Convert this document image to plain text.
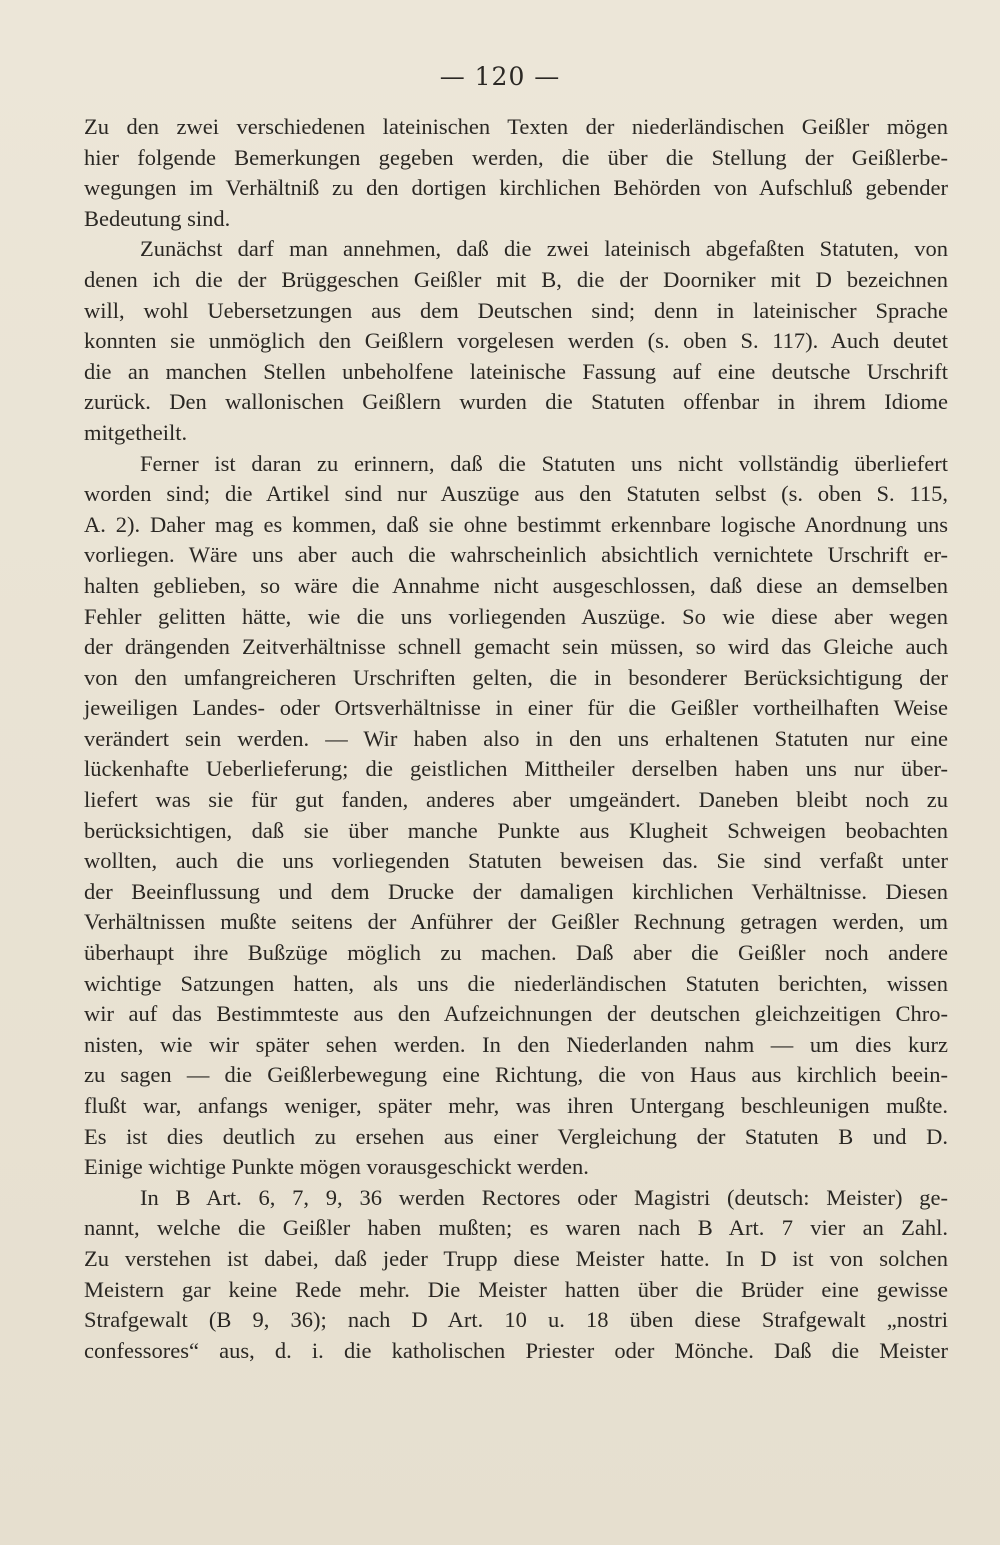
— 120 —
Zu den zwei verschiedenen lateinischen Texten der niederländischen Geißler mögen
hier folgende Bemerkungen gegeben werden, die über die Stellung der Geißlerbe-
wegungen im Verhältniß zu den dortigen kirchlichen Behörden von Aufschluß gebender
Bedeutung sind.
Zunächst darf man annehmen, daß die zwei lateinisch abgefaßten Statuten, von
denen ich die der Brüggeschen Geißler mit B, die der Doorniker mit D bezeichnen
will, wohl Uebersetzungen aus dem Deutschen sind; denn in lateinischer Sprache
konnten sie unmöglich den Geißlern vorgelesen werden (s. oben S. 117). Auch deutet
die an manchen Stellen unbeholfene lateinische Fassung auf eine deutsche Urschrift
zurück. Den wallonischen Geißlern wurden die Statuten offenbar in ihrem Idiome
mitgetheilt.
Ferner ist daran zu erinnern, daß die Statuten uns nicht vollständig überliefert
worden sind; die Artikel sind nur Auszüge aus den Statuten selbst (s. oben S. 115,
A. 2). Daher mag es kommen, daß sie ohne bestimmt erkennbare logische Anordnung uns
vorliegen. Wäre uns aber auch die wahrscheinlich absichtlich vernichtete Urschrift er-
halten geblieben, so wäre die Annahme nicht ausgeschlossen, daß diese an demselben
Fehler gelitten hätte, wie die uns vorliegenden Auszüge. So wie diese aber wegen
der drängenden Zeitverhältnisse schnell gemacht sein müssen, so wird das Gleiche auch
von den umfangreicheren Urschriften gelten, die in besonderer Berücksichtigung der
jeweiligen Landes- oder Ortsverhältnisse in einer für die Geißler vortheilhaften Weise
verändert sein werden. — Wir haben also in den uns erhaltenen Statuten nur eine
lückenhafte Ueberlieferung; die geistlichen Mittheiler derselben haben uns nur über-
liefert was sie für gut fanden, anderes aber umgeändert. Daneben bleibt noch zu
berücksichtigen, daß sie über manche Punkte aus Klugheit Schweigen beobachten
wollten, auch die uns vorliegenden Statuten beweisen das. Sie sind verfaßt unter
der Beeinflussung und dem Drucke der damaligen kirchlichen Verhältnisse. Diesen
Verhältnissen mußte seitens der Anführer der Geißler Rechnung getragen werden, um
überhaupt ihre Bußzüge möglich zu machen. Daß aber die Geißler noch andere
wichtige Satzungen hatten, als uns die niederländischen Statuten berichten, wissen
wir auf das Bestimmteste aus den Aufzeichnungen der deutschen gleichzeitigen Chro-
nisten, wie wir später sehen werden. In den Niederlanden nahm — um dies kurz
zu sagen — die Geißlerbewegung eine Richtung, die von Haus aus kirchlich beein-
flußt war, anfangs weniger, später mehr, was ihren Untergang beschleunigen mußte.
Es ist dies deutlich zu ersehen aus einer Vergleichung der Statuten B und D.
Einige wichtige Punkte mögen vorausgeschickt werden.
In B Art. 6, 7, 9, 36 werden Rectores oder Magistri (deutsch: Meister) ge-
nannt, welche die Geißler haben mußten; es waren nach B Art. 7 vier an Zahl.
Zu verstehen ist dabei, daß jeder Trupp diese Meister hatte. In D ist von solchen
Meistern gar keine Rede mehr. Die Meister hatten über die Brüder eine gewisse
Strafgewalt (B 9, 36); nach D Art. 10 u. 18 üben diese Strafgewalt „nostri
confessores“ aus, d. i. die katholischen Priester oder Mönche. Daß die Meister
